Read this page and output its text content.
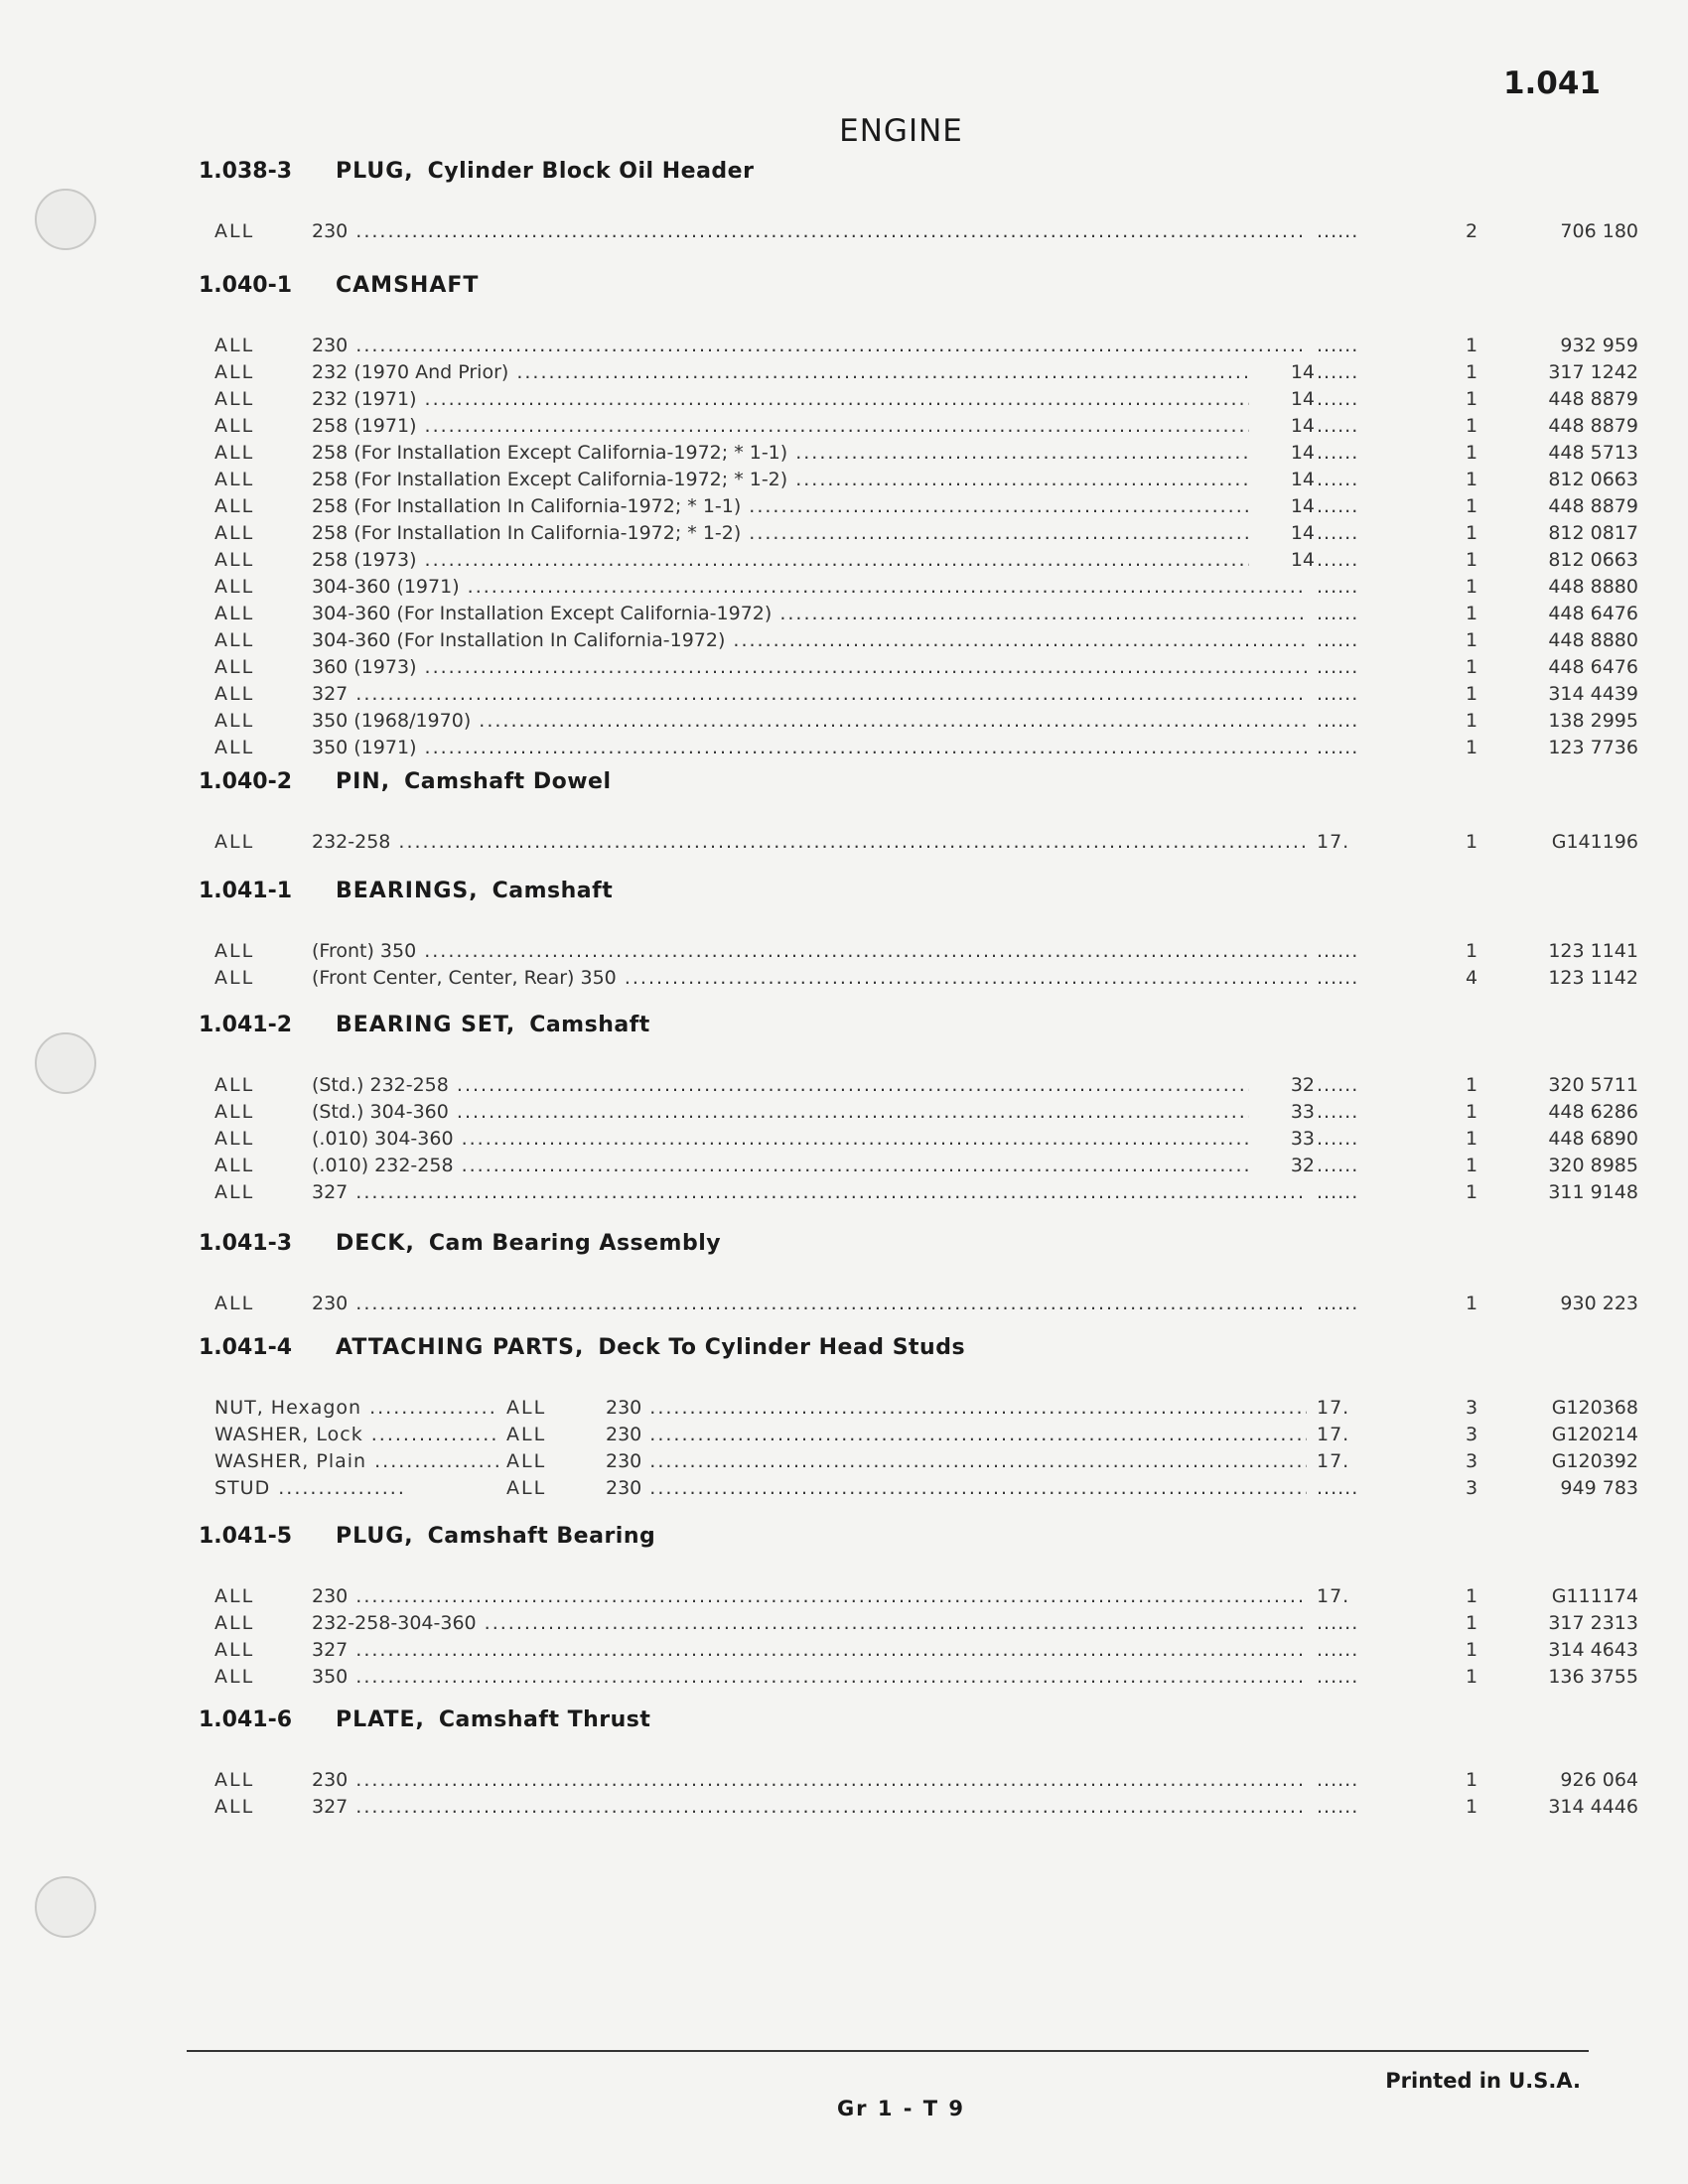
1.041
ENGINE
1.038-3 PLUG, Cylinder Block Oil Header
ALL	230 .....	......	2	706 180
1.040-1 CAMSHAFT
ALL	230 .....	......	1	932 959
ALL	232 (1970 And Prior) .....	14 ......	1	317 1242
ALL	232 (1971) .....	14 ......	1	448 8879
ALL	258 (1971) .....	14 ......	1	448 8879
ALL	258 (For Installation Except California-1972; * 1-1) .....	14 ......	1	448 5713
ALL	258 (For Installation Except California-1972; * 1-2) .....	14 ......	1	812 0663
ALL	258 (For Installation In California-1972; * 1-1) .....	14 ......	1	448 8879
ALL	258 (For Installation In California-1972; * 1-2) .....	14 ......	1	812 0817
ALL	258 (1973) .....	14 ......	1	812 0663
ALL	304-360 (1971) .....	......	1	448 8880
ALL	304-360 (For Installation Except California-1972) .....	......	1	448 6476
ALL	304-360 (For Installation In California-1972) .....	......	1	448 8880
ALL	360 (1973) .....	......	1	448 6476
ALL	327 .....	......	1	314 4439
ALL	350 (1968/1970) .....	......	1	138 2995
ALL	350 (1971) .....	......	1	123 7736
1.040-2 PIN, Camshaft Dowel
ALL	232-258 .....	17.	1	G141196
1.041-1 BEARINGS, Camshaft
ALL	(Front) 350 .....	......	1	123 1141
ALL	(Front Center, Center, Rear) 350 .....	......	4	123 1142
1.041-2 BEARING SET, Camshaft
ALL	(Std.) 232-258 .....	32 ......	1	320 5711
ALL	(Std.) 304-360 .....	33 ......	1	448 6286
ALL	(.010) 304-360 .....	33 ......	1	448 6890
ALL	(.010) 232-258 .....	32 ......	1	320 8985
ALL	327 .....	......	1	311 9148
1.041-3 DECK, Cam Bearing Assembly
ALL	230 .....	......	1	930 223
1.041-4 ATTACHING PARTS, Deck To Cylinder Head Studs
NUT, Hexagon .....	ALL	230 .....	17.	3	G120368
WASHER, Lock .....	ALL	230 .....	17.	3	G120214
WASHER, Plain .....	ALL	230 .....	17.	3	G120392
STUD .....	ALL	230 .....	......	3	949 783
1.041-5 PLUG, Camshaft Bearing
ALL	230 .....	17.	1	G111174
ALL	232-258-304-360 .....	......	1	317 2313
ALL	327 .....	......	1	314 4643
ALL	350 .....	......	1	136 3755
1.041-6 PLATE, Camshaft Thrust
ALL	230 .....	......	1	926 064
ALL	327 .....	......	1	314 4446
Printed in U.S.A.
Gr 1 - T 9
